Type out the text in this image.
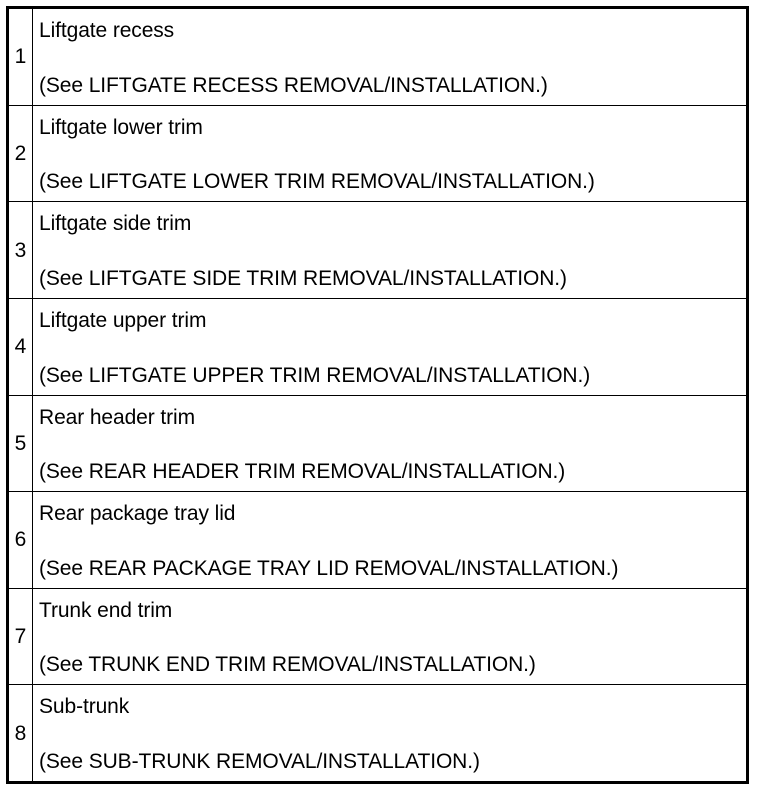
1
Liftgate recess
(See LIFTGATE RECESS REMOVAL/INSTALLATION.)
2
Liftgate lower trim
(See LIFTGATE LOWER TRIM REMOVAL/INSTALLATION.)
3
Liftgate side trim
(See LIFTGATE SIDE TRIM REMOVAL/INSTALLATION.)
4
Liftgate upper trim
(See LIFTGATE UPPER TRIM REMOVAL/INSTALLATION.)
5
Rear header trim
(See REAR HEADER TRIM REMOVAL/INSTALLATION.)
6
Rear package tray lid
(See REAR PACKAGE TRAY LID REMOVAL/INSTALLATION.)
7
Trunk end trim
(See TRUNK END TRIM REMOVAL/INSTALLATION.)
8
Sub-trunk
(See SUB-TRUNK REMOVAL/INSTALLATION.)
